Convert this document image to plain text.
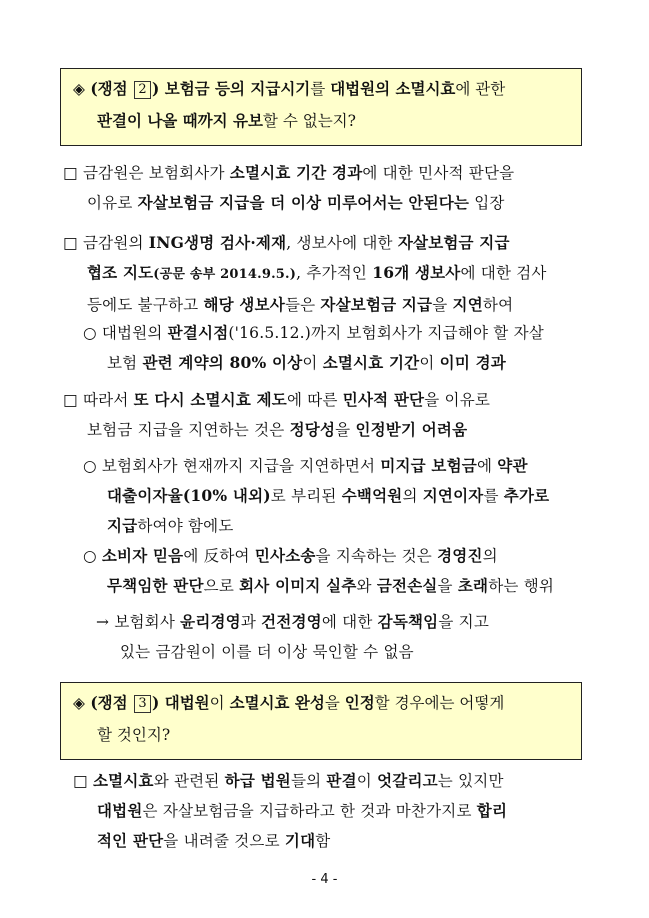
◈ (쟁점 2 ) 보험금 등의 지급시기를 대법원의 소멸시효에 관한
판결이 나올 때까지 유보할 수 없는지?
□ 금감원은 보험회사가 소멸시효 기간 경과에 대한 민사적 판단을
이유로 자살보험금 지급을 더 이상 미루어서는 안된다는 입장
□ 금감원의 ING생명 검사·제재, 생보사에 대한 자살보험금 지급
협조 지도(공문 송부 2014.9.5.), 추가적인 16개 생보사에 대한 검사
등에도 불구하고 해당 생보사들은 자살보험금 지급을 지연하여
○ 대법원의 판결시점('16.5.12.)까지 보험회사가 지급해야 할 자살
보험 관련 계약의 80% 이상이 소멸시효 기간이 이미 경과
□ 따라서 또 다시 소멸시효 제도에 따른 민사적 판단을 이유로
보험금 지급을 지연하는 것은 정당성을 인정받기 어려움
○ 보험회사가 현재까지 지급을 지연하면서 미지급 보험금에 약관
대출이자율(10% 내외)로 부리된 수백억원의 지연이자를 추가로
지급하여야 함에도
○ 소비자 믿음에 反하여 민사소송을 지속하는 것은 경영진의
무책임한 판단으로 회사 이미지 실추와 금전손실을 초래하는 행위
→ 보험회사 윤리경영과 건전경영에 대한 감독책임을 지고
있는 금감원이 이를 더 이상 묵인할 수 없음
◈ (쟁점 3 ) 대법원이 소멸시효 완성을 인정할 경우에는 어떻게
할 것인지?
□ 소멸시효와 관련된 하급 법원들의 판결이 엇갈리고는 있지만
대법원은 자살보험금을 지급하라고 한 것과 마찬가지로 합리
적인 판단을 내려줄 것으로 기대함
- 4 -
